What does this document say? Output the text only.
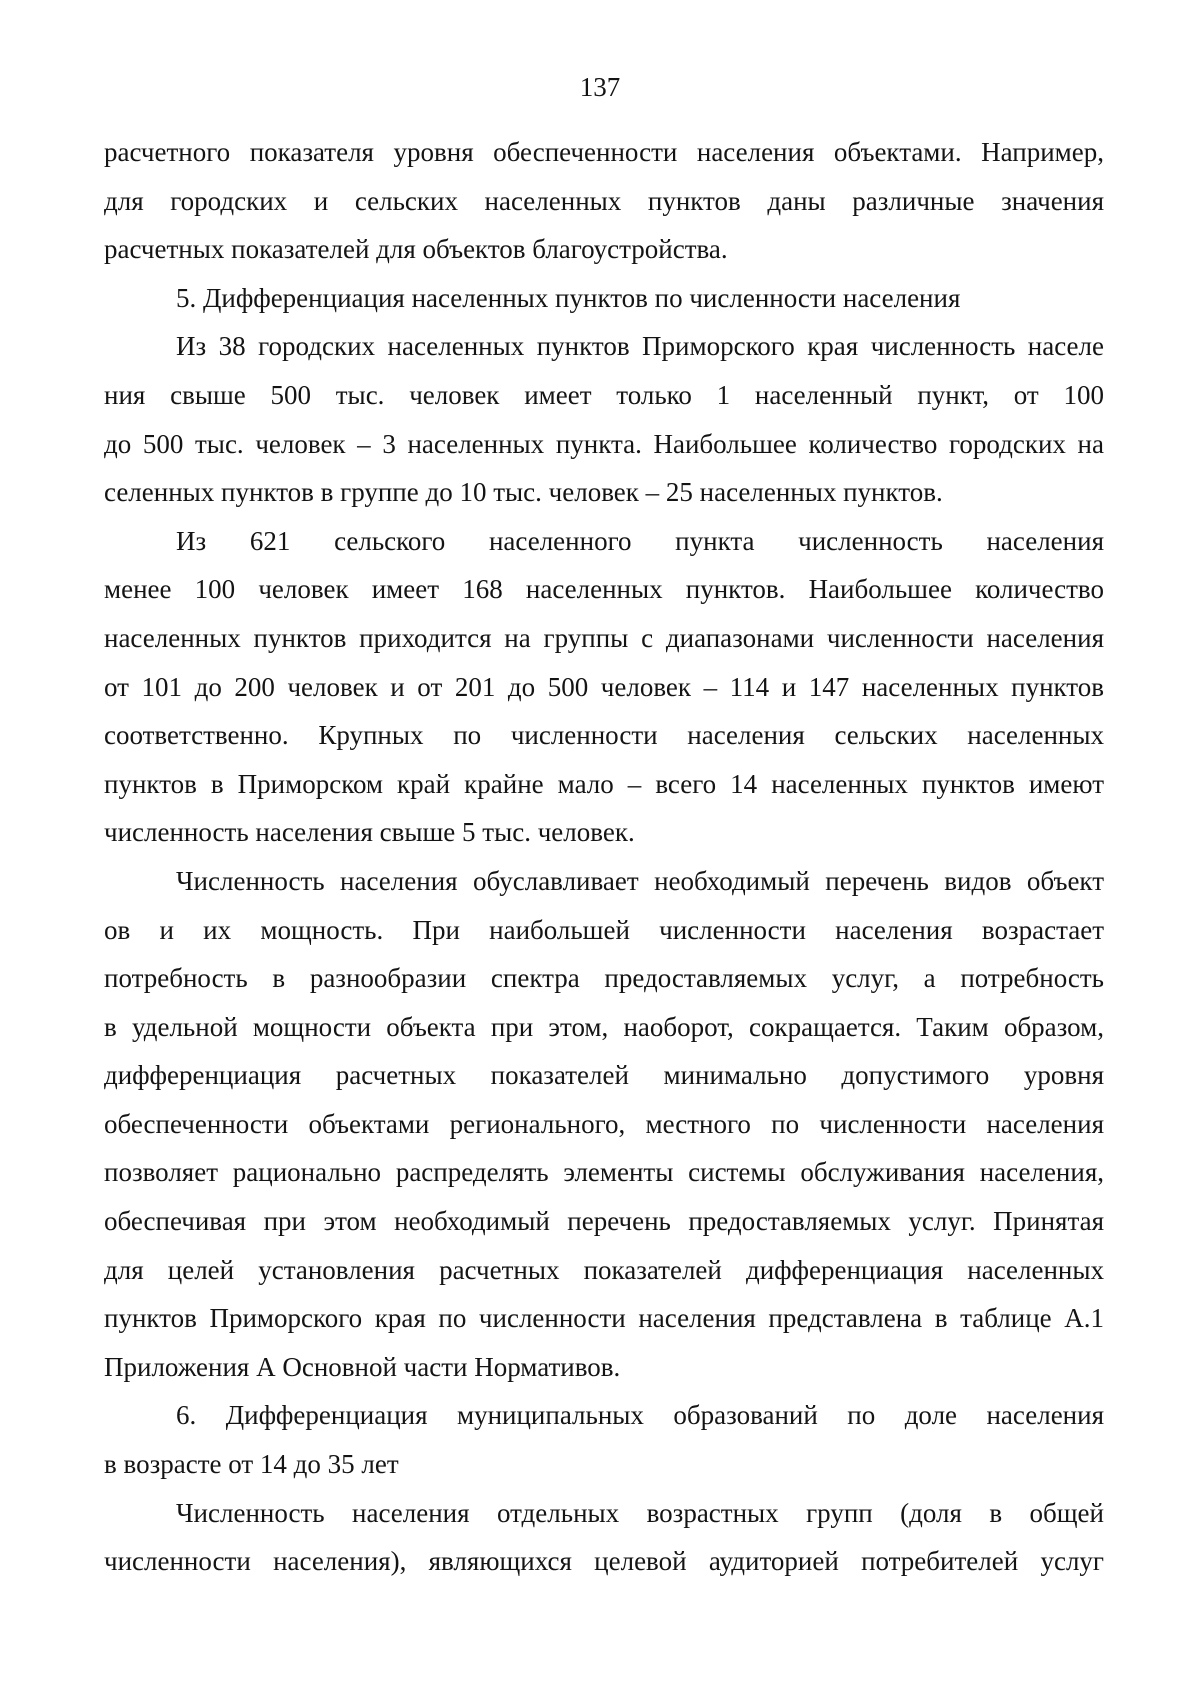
137
расчетного показателя уровня обеспеченности населения объектами. Например,
для городских и сельских населенных пунктов даны различные значения
расчетных показателей для объектов благоустройства.
5. Дифференциация населенных пунктов по численности населения
Из 38 городских населенных пунктов Приморского края численность населе
ния свыше 500 тыс. человек имеет только 1 населенный пункт, от 100
до 500 тыс. человек – 3 населенных пункта. Наибольшее количество городских на
селенных пунктов в группе до 10 тыс. человек – 25 населенных пунктов.
Из 621 сельского населенного пункта численность населения
менее 100 человек имеет 168 населенных пунктов. Наибольшее количество
населенных пунктов приходится на группы с диапазонами численности населения
от 101 до 200 человек и от 201 до 500 человек – 114 и 147 населенных пунктов
соответственно. Крупных по численности населения сельских населенных
пунктов в Приморском край крайне мало – всего 14 населенных пунктов имеют
численность населения свыше 5 тыс. человек.
Численность населения обуславливает необходимый перечень видов объект
ов и их мощность. При наибольшей численности населения возрастает
потребность в разнообразии спектра предоставляемых услуг, а потребность
в удельной мощности объекта при этом, наоборот, сокращается. Таким образом,
дифференциация расчетных показателей минимально допустимого уровня
обеспеченности объектами регионального, местного по численности населения
позволяет рационально распределять элементы системы обслуживания населения,
обеспечивая при этом необходимый перечень предоставляемых услуг. Принятая
для целей установления расчетных показателей дифференциация населенных
пунктов Приморского края по численности населения представлена в таблице А.1
Приложения А Основной части Нормативов.
6. Дифференциация муниципальных образований по доле населения
в возрасте от 14 до 35 лет
Численность населения отдельных возрастных групп (доля в общей
численности населения), являющихся целевой аудиторией потребителей услуг
